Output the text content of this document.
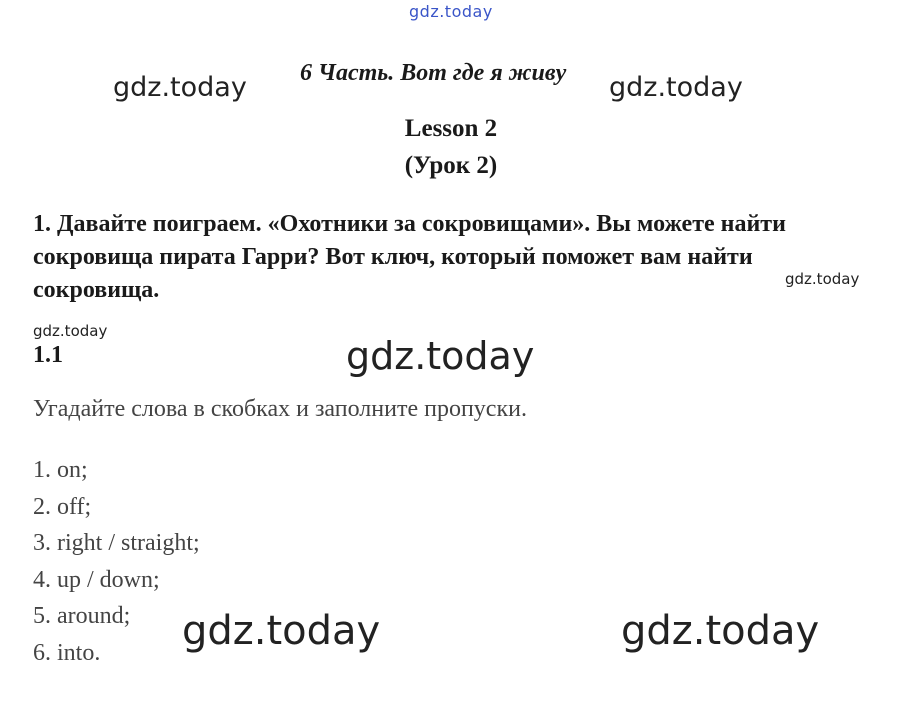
gdz.today
6 Часть. Вот где я живу
gdz.today	gdz.today
Lesson 2
(Урок 2)
1. Давайте поиграем. «Охотники за сокровищами». Вы можете найти сокровища пирата Гарри? Вот ключ, который поможет вам найти сокровища.	gdz.today
gdz.today
1.1	gdz.today
Угадайте слова в скобках и заполните пропуски.
1. on;
2. off;
3. right / straight;
4. up / down;
5. around;
6. into.	gdz.today	gdz.today
